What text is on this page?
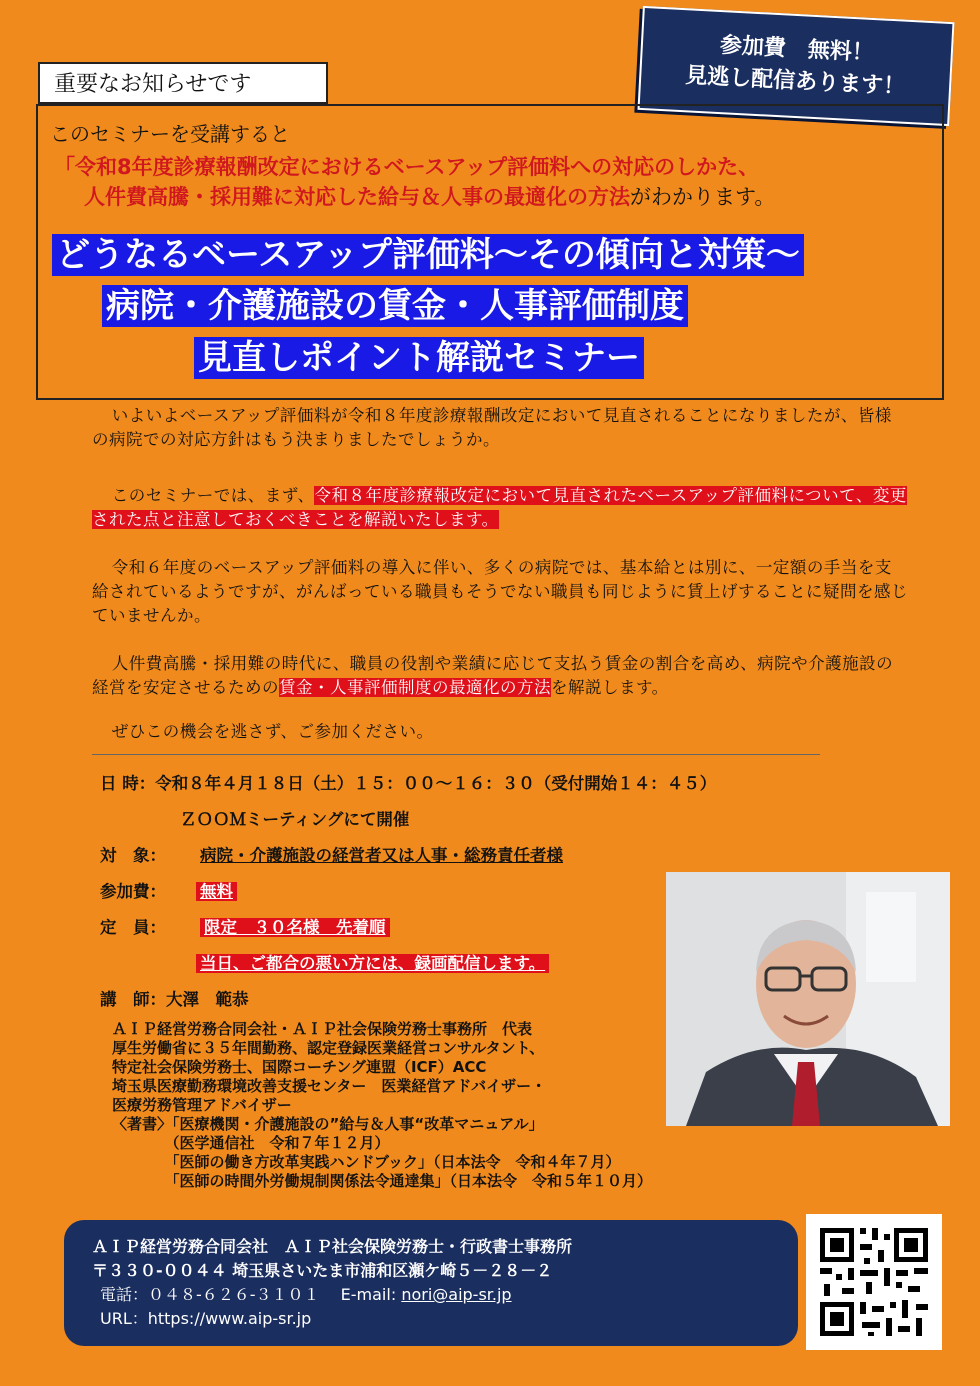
重要なお知らせです
参加費　無料！
見逃し配信あります！
このセミナーを受講すると
「令和8年度診療報酬改定におけるベースアップ評価料への対応のしかた、
人件費高騰・採用難に対応した給与＆人事の最適化の方法がわかります。
どうなるベースアップ評価料～その傾向と対策～
病院・介護施設の賃金・人事評価制度
見直しポイント解説セミナー
いよいよベースアップ評価料が令和８年度診療報酬改定において見直されることになりましたが、皆様の病院での対応方針はもう決まりましたでしょうか。
このセミナーでは、まず、令和８年度診療報改定において見直されたベースアップ評価料について、変更された点と注意しておくべきことを解説いたします。
令和６年度のベースアップ評価料の導入に伴い、多くの病院では、基本給とは別に、一定額の手当を支給されているようですが、がんばっている職員もそうでない職員も同じように賃上げすることに疑問を感じていませんか。
人件費高騰・採用難の時代に、職員の役割や業績に応じて支払う賃金の割合を高め、病院や介護施設の経営を安定させるための賃金・人事評価制度の最適化の方法を解説します。
ぜひこの機会を逃さず、ご参加ください。
日 時：令和８年４月１８日（土）１５：００～１６：３０（受付開始１４：４５）
ＺＯＯＭミーティングにて開催
対　象： 病院・介護施設の経営者又は人事・総務責任者様
参加費： 無料
定　員： 限定　３０名様　先着順
当日、ご都合の悪い方には、録画配信します。
講　師：大澤　範恭
ＡＩＰ経営労務合同会社・ＡＩＰ社会保険労務士事務所　代表
厚生労働省に３５年間勤務、認定登録医業経営コンサルタント、
特定社会保険労務士、国際コーチング連盟（ICF）ACC
埼玉県医療勤務環境改善支援センター　医業経営アドバイザー・
医療労務管理アドバイザー
〈著書〉「医療機関・介護施設の”給与＆人事“改革マニュアル」
　　　　（医学通信社　令和７年１２月）
　　　　「医師の働き方改革実践ハンドブック」（日本法令　令和４年７月）
　　　　「医師の時間外労働規制関係法令通達集」（日本法令　令和５年１０月）
ＡＩＰ経営労務合同会社　ＡＩＰ社会保険労務士・行政書士事務所
〒３３０-００４４ 埼玉県さいたま市浦和区瀬ケ崎５－２８－２
電話：０４８-６２６-３１０１　 E-mail: nori@aip-sr.jp
URL：https://www.aip-sr.jp
